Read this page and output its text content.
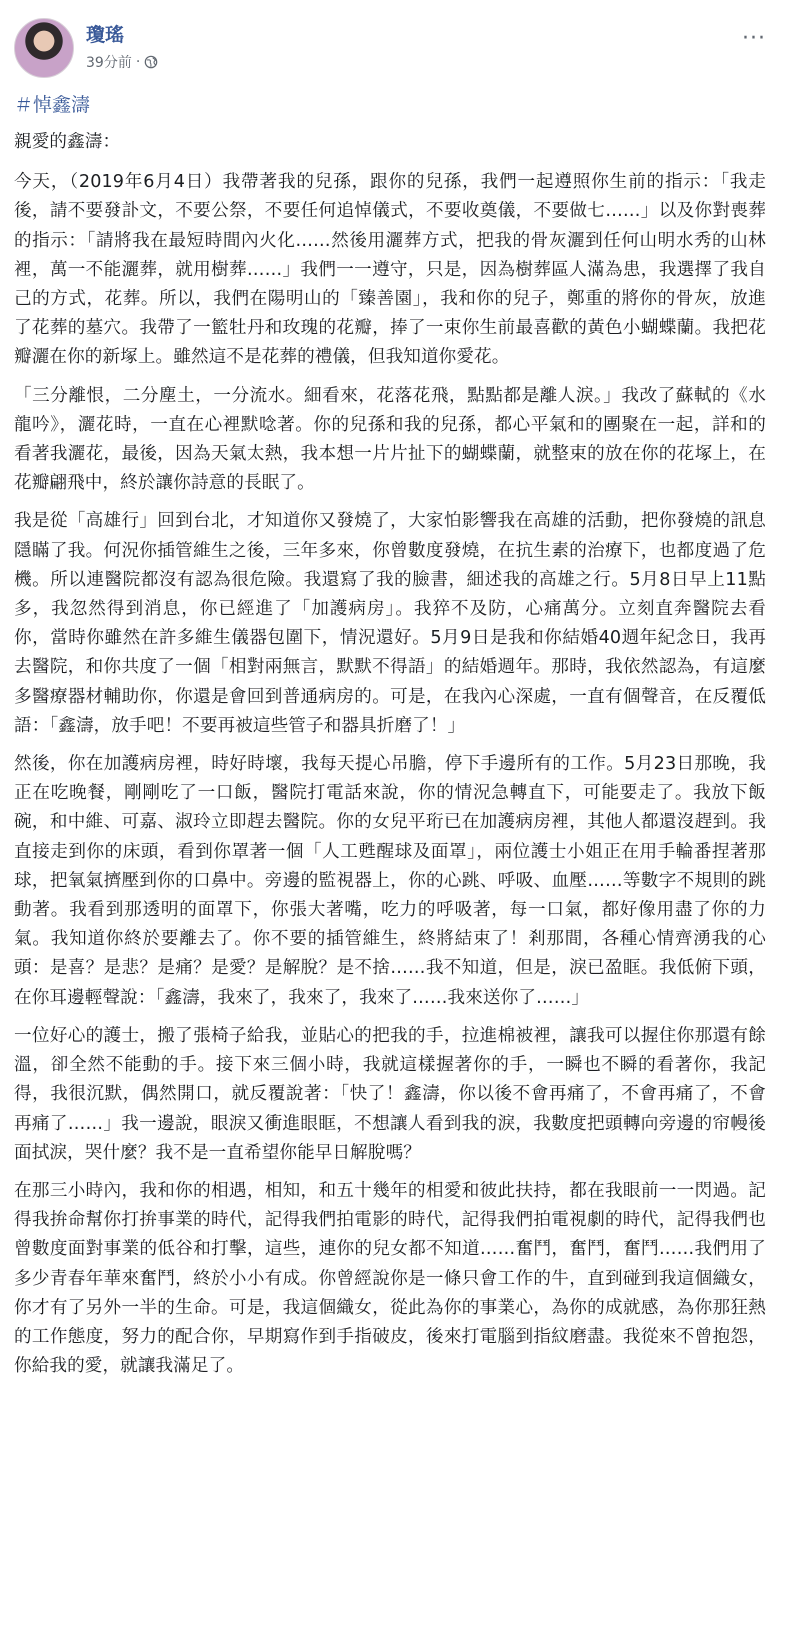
瓊瑤
39分前 ·
···
＃悼鑫濤

親愛的鑫濤：

今天，（2019年6月4日）我帶著我的兒孫，跟你的兒孫，我們一起遵照你生前的指示：「我走後，請不要發訃文，不要公祭，不要任何追悼儀式，不要收奠儀，不要做七……」以及你對喪葬的指示：「請將我在最短時間內火化……然後用灑葬方式，把我的骨灰灑到任何山明水秀的山林裡，萬一不能灑葬，就用樹葬……」我們一一遵守，只是，因為樹葬區人滿為患，我選擇了我自己的方式，花葬。所以，我們在陽明山的「臻善園」，我和你的兒子，鄭重的將你的骨灰，放進了花葬的墓穴。我帶了一籃牡丹和玫瑰的花瓣，捧了一束你生前最喜歡的黃色小蝴蝶蘭。我把花瓣灑在你的新塚上。雖然這不是花葬的禮儀，但我知道你愛花。

「三分離恨，二分塵土，一分流水。細看來，花落花飛，點點都是離人淚。」我改了蘇軾的《水龍吟》，灑花時，一直在心裡默唸著。你的兒孫和我的兒孫，都心平氣和的團聚在一起，詳和的看著我灑花，最後，因為天氣太熱，我本想一片片扯下的蝴蝶蘭，就整束的放在你的花塚上，在花瓣翩飛中，終於讓你詩意的長眠了。

我是從「高雄行」回到台北，才知道你又發燒了，大家怕影響我在高雄的活動，把你發燒的訊息隱瞞了我。何況你插管維生之後，三年多來，你曾數度發燒，在抗生素的治療下，也都度過了危機。所以連醫院都沒有認為很危險。我還寫了我的臉書，細述我的高雄之行。5月8日早上11點多，我忽然得到消息，你已經進了「加護病房」。我猝不及防，心痛萬分。立刻直奔醫院去看你，當時你雖然在許多維生儀器包圍下，情況還好。5月9日是我和你結婚40週年紀念日，我再去醫院，和你共度了一個「相對兩無言，默默不得語」的結婚週年。那時，我依然認為，有這麼多醫療器材輔助你，你還是會回到普通病房的。可是，在我內心深處，一直有個聲音，在反覆低語：「鑫濤，放手吧！不要再被這些管子和器具折磨了！」

然後，你在加護病房裡，時好時壞，我每天提心吊膽，停下手邊所有的工作。5月23日那晚，我正在吃晚餐，剛剛吃了一口飯，醫院打電話來說，你的情況急轉直下，可能要走了。我放下飯碗，和中維、可嘉、淑玲立即趕去醫院。你的女兒平珩已在加護病房裡，其他人都還沒趕到。我直接走到你的床頭，看到你罩著一個「人工甦醒球及面罩」，兩位護士小姐正在用手輪番捏著那球，把氧氣擠壓到你的口鼻中。旁邊的監視器上，你的心跳、呼吸、血壓……等數字不規則的跳動著。我看到那透明的面罩下，你張大著嘴，吃力的呼吸著，每一口氣，都好像用盡了你的力氣。我知道你終於要離去了。你不要的插管維生，終將結束了！剎那間，各種心情齊湧我的心頭：是喜？是悲？是痛？是愛？是解脫？是不捨……我不知道，但是，淚已盈眶。我低俯下頭，在你耳邊輕聲說：「鑫濤，我來了，我來了，我來了……我來送你了……」

一位好心的護士，搬了張椅子給我，並貼心的把我的手，拉進棉被裡，讓我可以握住你那還有餘溫，卻全然不能動的手。接下來三個小時，我就這樣握著你的手，一瞬也不瞬的看著你，我記得，我很沉默，偶然開口，就反覆說著：「快了！鑫濤，你以後不會再痛了，不會再痛了，不會再痛了……」我一邊說，眼淚又衝進眼眶，不想讓人看到我的淚，我數度把頭轉向旁邊的帘幔後面拭淚，哭什麼？我不是一直希望你能早日解脫嗎？

在那三小時內，我和你的相遇，相知，和五十幾年的相愛和彼此扶持，都在我眼前一一閃過。記得我拚命幫你打拚事業的時代，記得我們拍電影的時代，記得我們拍電視劇的時代，記得我們也曾數度面對事業的低谷和打擊，這些，連你的兒女都不知道……奮鬥，奮鬥，奮鬥……我們用了多少青春年華來奮鬥，終於小小有成。你曾經說你是一條只會工作的牛，直到碰到我這個織女，你才有了另外一半的生命。可是，我這個織女，從此為你的事業心，為你的成就感，為你那狂熱的工作態度，努力的配合你，早期寫作到手指破皮，後來打電腦到指紋磨盡。我從來不曾抱怨，你給我的愛，就讓我滿足了。
